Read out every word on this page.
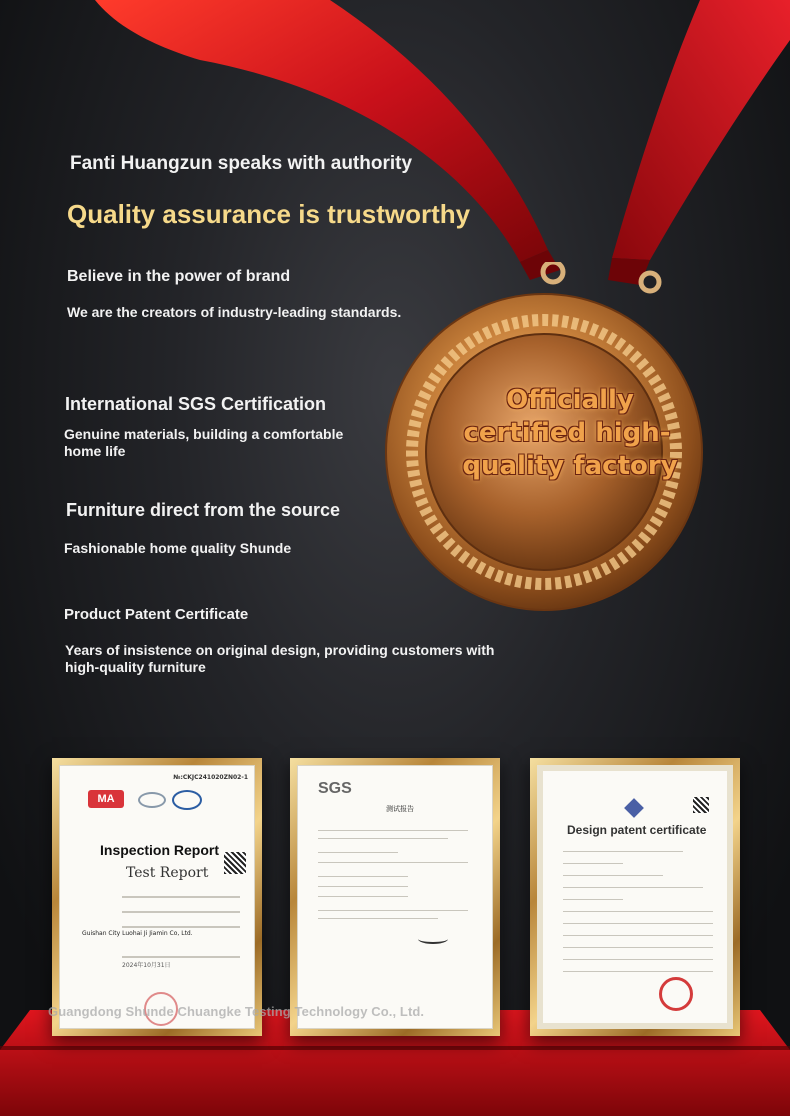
Officially
certified high-
quality factory
Fanti Huangzun speaks with authority
Quality assurance is trustworthy
Believe in the power of brand
We are the creators of industry-leading standards.
International SGS Certification
Genuine materials, building a comfortable
home life
Furniture direct from the source
Fashionable home quality Shunde
Product Patent Certificate
Years of insistence on original design, providing customers with
high-quality furniture
№:CKJC241020ZN02-1
MA
Inspection Report
Test Report
Guishan City Luohai Ji Jiamin Co, Ltd.
2024年10月31日
SGS
测试报告
Design patent certificate
Guangdong Shunde Chuangke Testing Technology Co., Ltd.
